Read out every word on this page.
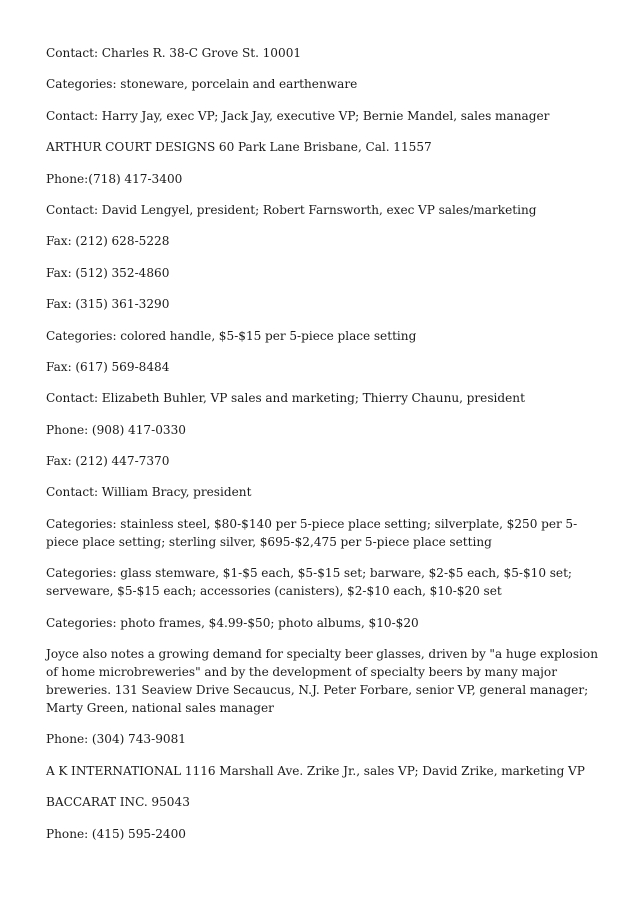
Contact: Charles R. 38-C Grove St. 10001

Categories: stoneware, porcelain and earthenware

Contact: Harry Jay, exec VP; Jack Jay, executive VP; Bernie Mandel, sales manager

ARTHUR COURT DESIGNS 60 Park Lane Brisbane, Cal. 11557

Phone:(718) 417-3400

Contact: David Lengyel, president; Robert Farnsworth, exec VP sales/marketing

Fax: (212) 628-5228

Fax: (512) 352-4860

Fax: (315) 361-3290

Categories: colored handle, $5-$15 per 5-piece place setting

Fax: (617) 569-8484

Contact: Elizabeth Buhler, VP sales and marketing; Thierry Chaunu, president

Phone: (908) 417-0330

Fax: (212) 447-7370

Contact: William Bracy, president

Categories: stainless steel, $80-$140 per 5-piece place setting; silverplate, $250 per 5-piece place setting; sterling silver, $695-$2,475 per 5-piece place setting

Categories: glass stemware, $1-$5 each, $5-$15 set; barware, $2-$5 each, $5-$10 set; serveware, $5-$15 each; accessories (canisters), $2-$10 each, $10-$20 set

Categories: photo frames, $4.99-$50; photo albums, $10-$20

Joyce also notes a growing demand for specialty beer glasses, driven by "a huge explosion of home microbreweries" and by the development of specialty beers by many major breweries. 131 Seaview Drive Secaucus, N.J. Peter Forbare, senior VP, general manager; Marty Green, national sales manager

Phone: (304) 743-9081

A K INTERNATIONAL 1116 Marshall Ave. Zrike Jr., sales VP; David Zrike, marketing VP

BACCARAT INC. 95043

Phone: (415) 595-2400
